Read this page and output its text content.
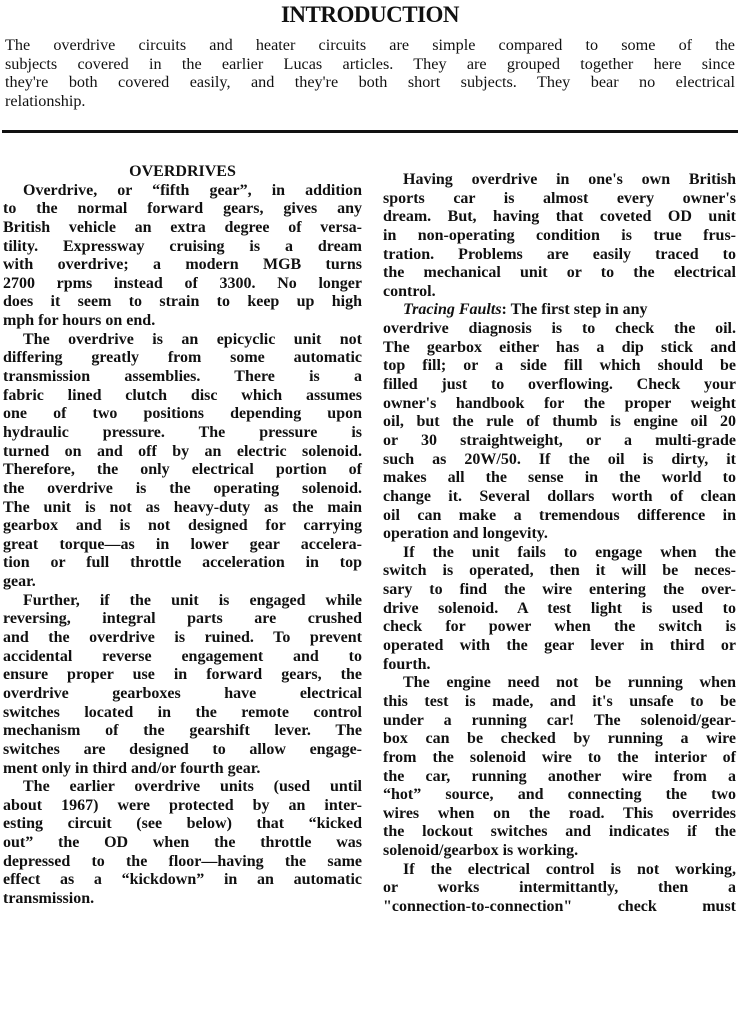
INTRODUCTION
The overdrive circuits and heater circuits are simple compared to some of the
subjects covered in the earlier Lucas articles. They are grouped together here since
they're both covered easily, and they're both short subjects. They bear no electrical
relationship.
OVERDRIVES
Overdrive, or “fifth gear”, in addition
to the normal forward gears, gives any
British vehicle an extra degree of versa-
tility. Expressway cruising is a dream
with overdrive; a modern MGB turns
2700 rpms instead of 3300. No longer
does it seem to strain to keep up high
mph for hours on end.
The overdrive is an epicyclic unit not
differing greatly from some automatic
transmission assemblies. There is a
fabric lined clutch disc which assumes
one of two positions depending upon
hydraulic pressure. The pressure is
turned on and off by an electric solenoid.
Therefore, the only electrical portion of
the overdrive is the operating solenoid.
The unit is not as heavy-duty as the main
gearbox and is not designed for carrying
great torque—as in lower gear accelera-
tion or full throttle acceleration in top
gear.
Further, if the unit is engaged while
reversing, integral parts are crushed
and the overdrive is ruined. To prevent
accidental reverse engagement and to
ensure proper use in forward gears, the
overdrive gearboxes have electrical
switches located in the remote control
mechanism of the gearshift lever. The
switches are designed to allow engage-
ment only in third and/or fourth gear.
The earlier overdrive units (used until
about 1967) were protected by an inter-
esting circuit (see below) that “kicked
out” the OD when the throttle was
depressed to the floor—having the same
effect as a “kickdown” in an automatic
transmission.
Having overdrive in one's own British
sports car is almost every owner's
dream. But, having that coveted OD unit
in non-operating condition is true frus-
tration. Problems are easily traced to
the mechanical unit or to the electrical
control.
Tracing Faults: The first step in any
overdrive diagnosis is to check the oil.
The gearbox either has a dip stick and
top fill; or a side fill which should be
filled just to overflowing. Check your
owner's handbook for the proper weight
oil, but the rule of thumb is engine oil 20
or 30 straightweight, or a multi-grade
such as 20W/50. If the oil is dirty, it
makes all the sense in the world to
change it. Several dollars worth of clean
oil can make a tremendous difference in
operation and longevity.
If the unit fails to engage when the
switch is operated, then it will be neces-
sary to find the wire entering the over-
drive solenoid. A test light is used to
check for power when the switch is
operated with the gear lever in third or
fourth.
The engine need not be running when
this test is made, and it's unsafe to be
under a running car! The solenoid/gear-
box can be checked by running a wire
from the solenoid wire to the interior of
the car, running another wire from a
“hot” source, and connecting the two
wires when on the road. This overrides
the lockout switches and indicates if the
solenoid/gearbox is working.
If the electrical control is not working,
or works intermittantly, then a
"connection-to-connection" check must
